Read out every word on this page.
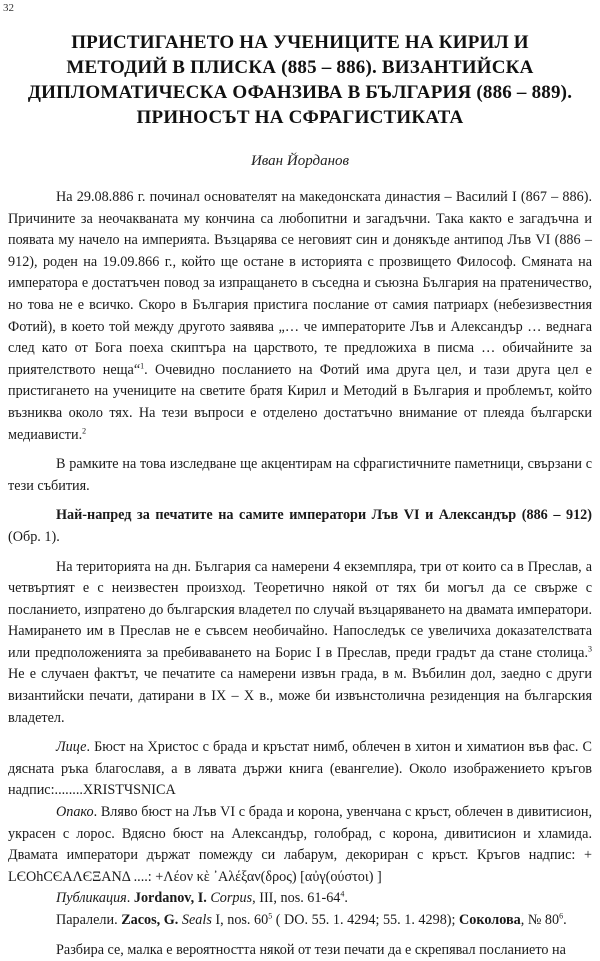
32
ПРИСТИГАНЕТО НА УЧЕНИЦИТЕ НА КИРИЛ И
МЕТОДИЙ В ПЛИСКА (885 – 886). ВИЗАНТИЙСКА
ДИПЛОМАТИЧЕСКА ОФАНЗИВА В БЪЛГАРИЯ (886 – 889).
ПРИНОСЪТ НА СФРАГИСТИКАТА
Иван Йорданов

На 29.08.886 г. починал основателят на македонската династия – Василий I (867 – 886). Причините за неочакваната му кончина са любопитни и загадъчни. Така както е загадъчна и появата му начело на империята. Възцарява се неговият син и донякъде антипод Лъв VI (886 – 912), роден на 19.09.866 г., който ще остане в историята с прозвището Философ. Смяната на императора е достатъчен повод за изпращането в съседна и съюзна България на пратеничество, но това не е всичко. Скоро в България пристига послание от самия патриарх (небезизвестния Фотий), в което той между другото заявява „… че императорите Лъв и Александър … веднага след като от Бога поеха скиптъра на царството, те предложиха в писма … обичайните за приятелството неща“$^1$. Очевидно посланието на Фотий има друга цел, и тази друга цел е пристигането на учениците на светите братя Кирил и Методий в България и проблемът, който възниква около тях. На тези въпроси е отделено достатъчно внимание от плеяда български медиависти.$^2$

В рамките на това изследване ще акцентирам на сфрагистичните паметници, свързани с тези събития.

Най-напред за печатите на самите императори Лъв VI и Александър (886 – 912) (Обр. 1).

На територията на дн. България са намерени 4 екземпляра, три от които са в Преслав, а четвъртият е с неизвестен произход. Теоретично някой от тях би могъл да се свърже с посланието, изпратено до българския владетел по случай възцаряването на двамата императори. Намирането им в Преслав не е съвсем необичайно. Напоследък се увеличиха доказателствата или предположенията за пребиваването на Борис I в Преслав, преди градът да стане столица.$^3$ Не е случаен фактът, че печатите са намерени извън града, в м. Въбилин дол, заедно с други византийски печати, датирани в IX – X в., може би извънстолична резиденция на българския владетел.

Лице. Бюст на Христос с брада и кръстат нимб, облечен в хитон и химатион във фас. С дясната ръка благославя, а в лявата държи книга (евангелие). Около изображението кръгов надпис:........XRISTЧSNICA

Опако. Вляво бюст на Лъв VI с брада и корона, увенчана с кръст, облечен в дивитисион, украсен с лорос. Вдясно бюст на Александър, голобрад, с корона, дивитисион и хламида. Двамата императори държат помежду си лабарум, декориран с кръст. Кръгов надпис: + LЄOhCЄAΛЄΞANΔ ....: +Λέον κὲ ᾿Αλέξαν(δρος) [αὐγ(ούστοι) ]

Публикация. Jordanov, I. Corpus, III, nos. $61-64^4$.

Паралели. Zacos, G. Seals I, nos. $60^5$ ( DO. 55. 1. 4294; 55. 1. 4298); Соколова, № $80^6$.

Разбира се, малка е вероятността някой от тези печати да е скрепявал посланието на
